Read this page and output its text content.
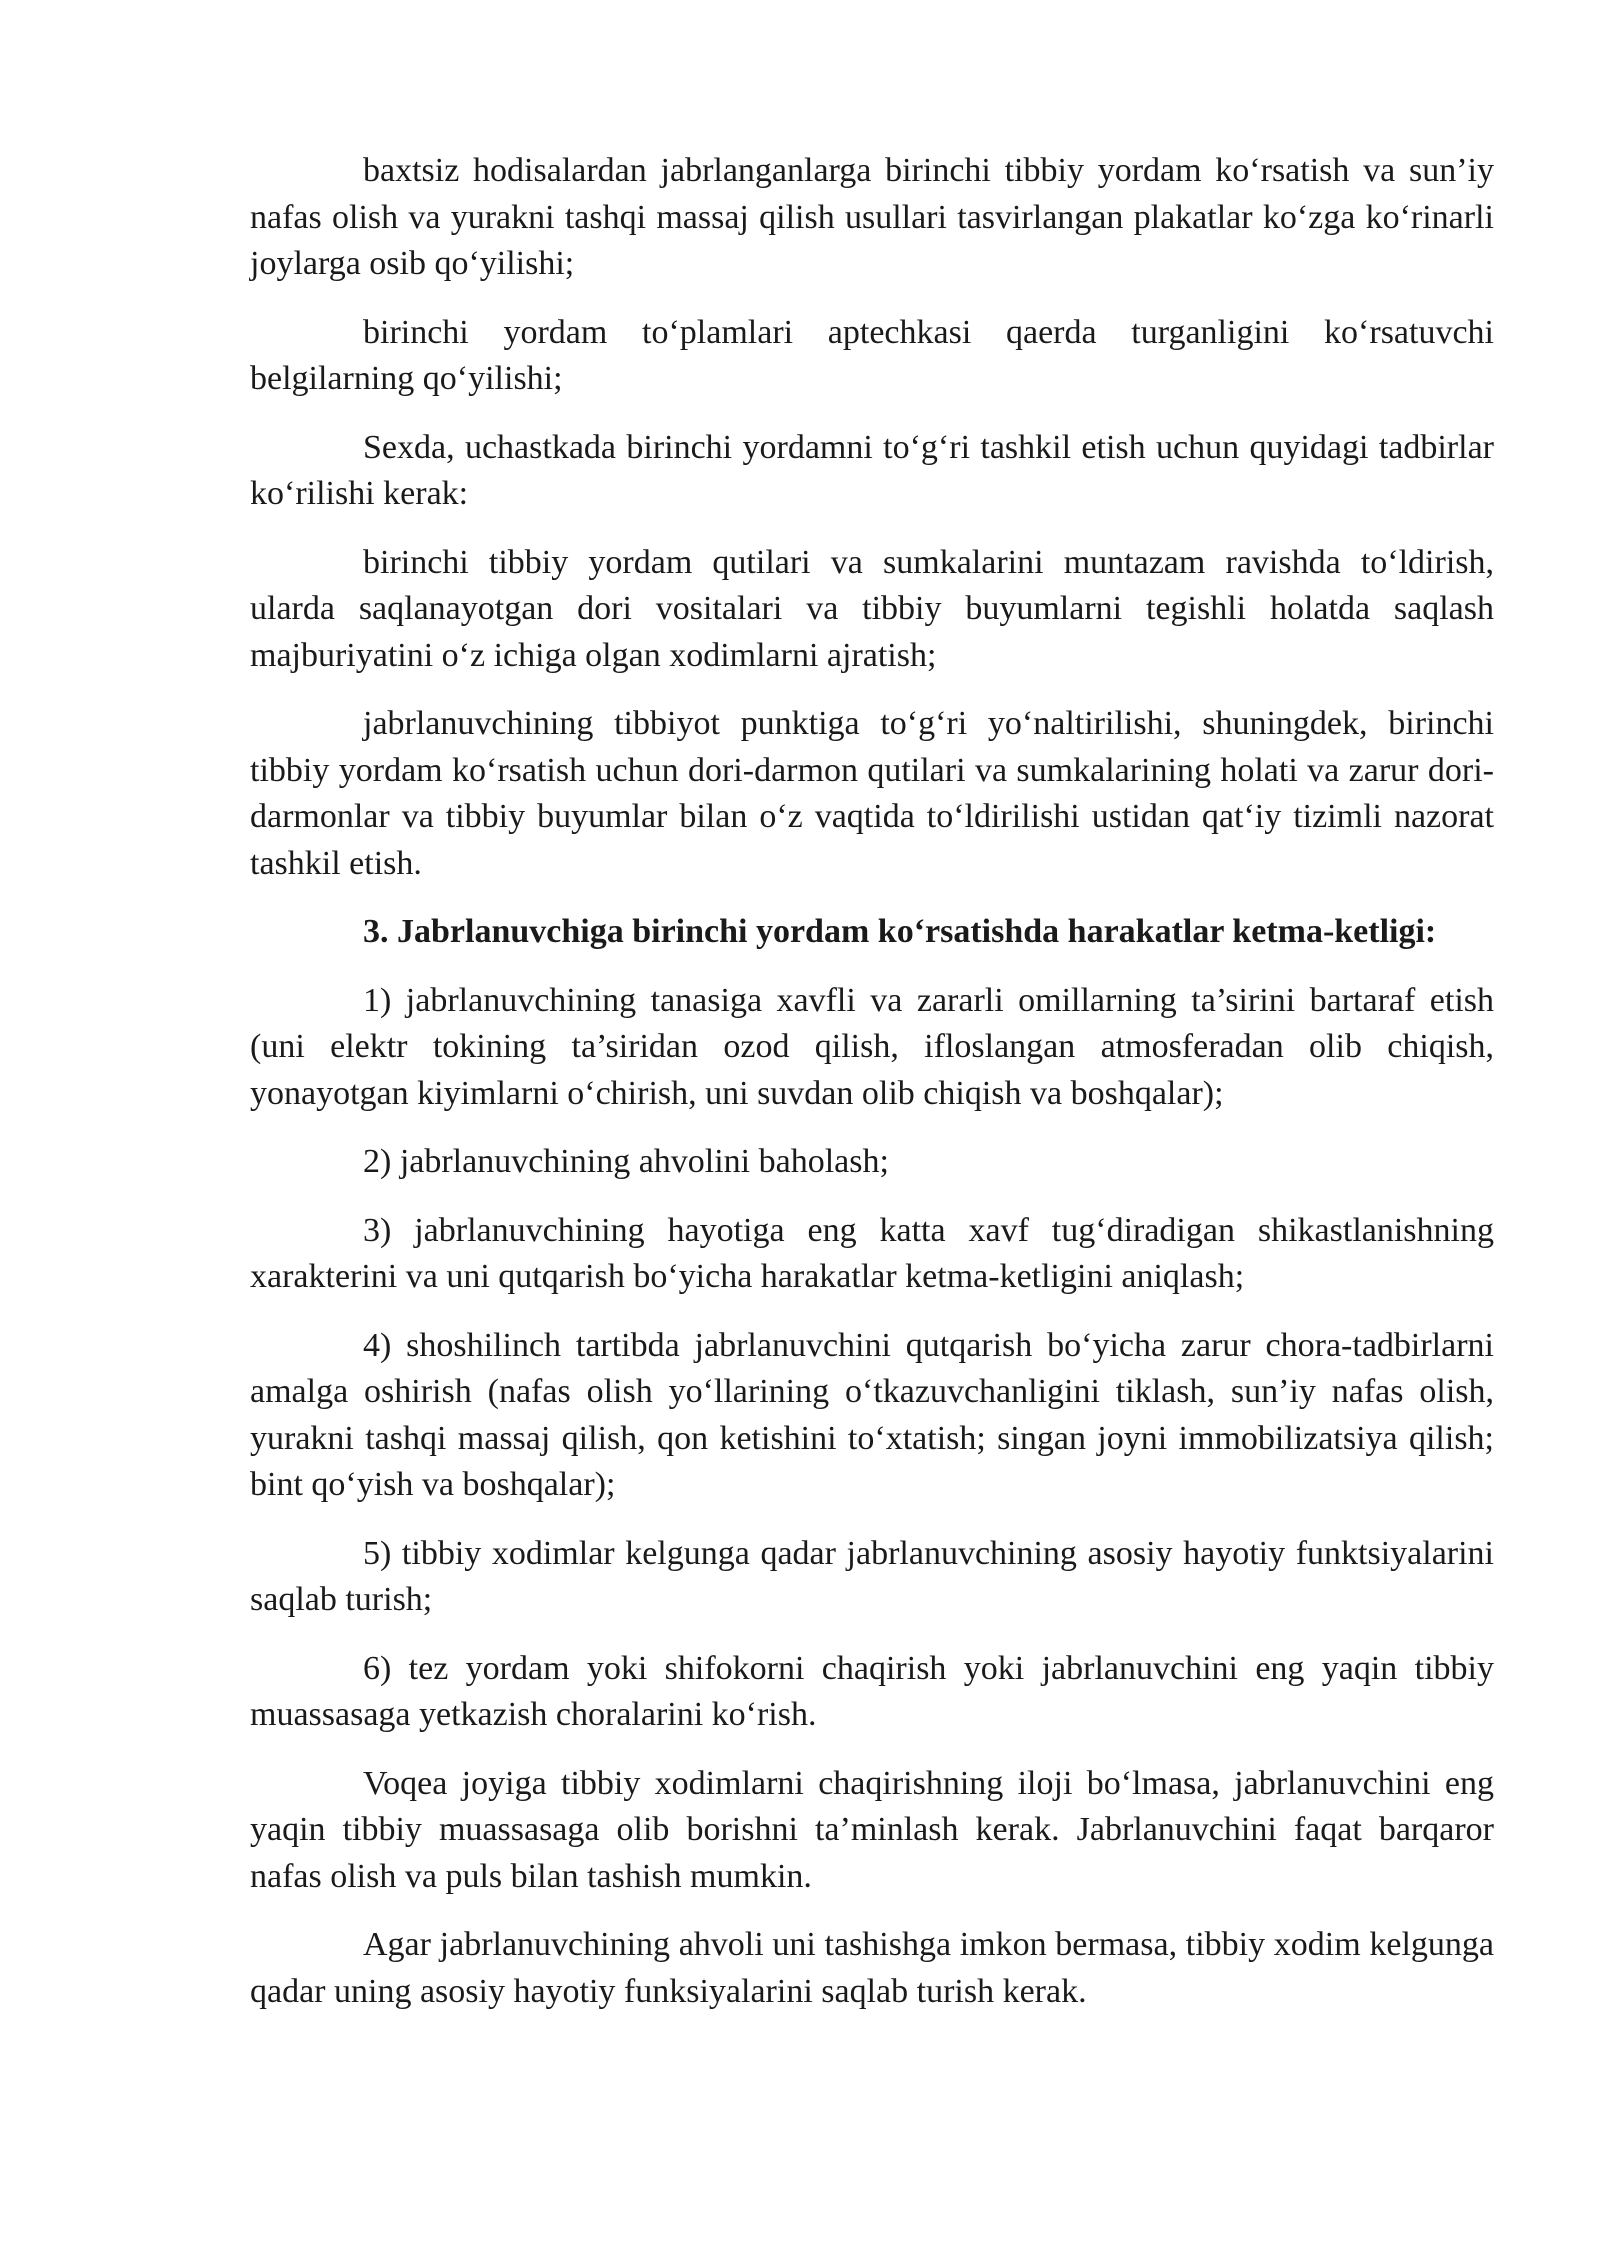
baxtsiz hodisalardan jabrlanganlarga birinchi tibbiy yordam ko‘rsatish va sun’iy nafas olish va yurakni tashqi massaj qilish usullari tasvirlangan plakatlar ko‘zga ko‘rinarli joylarga osib qo‘yilishi;

birinchi yordam to‘plamlari aptechkasi qaerda turganligini ko‘rsatuvchi belgilarning qo‘yilishi;

Sexda, uchastkada birinchi yordamni to‘g‘ri tashkil etish uchun quyidagi tadbirlar ko‘rilishi kerak:

birinchi tibbiy yordam qutilari va sumkalarini muntazam ravishda to‘ldirish, ularda saqlanayotgan dori vositalari va tibbiy buyumlarni tegishli holatda saqlash majburiyatini o‘z ichiga olgan xodimlarni ajratish;

jabrlanuvchining tibbiyot punktiga to‘g‘ri yo‘naltirilishi, shuningdek, birinchi tibbiy yordam ko‘rsatish uchun dori-darmon qutilari va sumkalarining holati va zarur dori-darmonlar va tibbiy buyumlar bilan o‘z vaqtida to‘ldirilishi ustidan qat‘iy tizimli nazorat tashkil etish.

3. Jabrlanuvchiga birinchi yordam ko‘rsatishda harakatlar ketma-ketligi:

1) jabrlanuvchining tanasiga xavfli va zararli omillarning ta’sirini bartaraf etish (uni elektr tokining ta’siridan ozod qilish, ifloslangan atmosferadan olib chiqish, yonayotgan kiyimlarni o‘chirish, uni suvdan olib chiqish va boshqalar);

2) jabrlanuvchining ahvolini baholash;

3) jabrlanuvchining hayotiga eng katta xavf tug‘diradigan shikastlanishning xarakterini va uni qutqarish bo‘yicha harakatlar ketma-ketligini aniqlash;

4) shoshilinch tartibda jabrlanuvchini qutqarish bo‘yicha zarur chora-tadbirlarni amalga oshirish (nafas olish yo‘llarining o‘tkazuvchanligini tiklash, sun’iy nafas olish, yurakni tashqi massaj qilish, qon ketishini to‘xtatish; singan joyni immobilizatsiya qilish; bint qo‘yish va boshqalar);

5) tibbiy xodimlar kelgunga qadar jabrlanuvchining asosiy hayotiy funktsiyalarini saqlab turish;

6) tez yordam yoki shifokorni chaqirish yoki jabrlanuvchini eng yaqin tibbiy muassasaga yetkazish choralarini ko‘rish.

Voqea joyiga tibbiy xodimlarni chaqirishning iloji bo‘lmasa, jabrlanuvchini eng yaqin tibbiy muassasaga olib borishni ta’minlash kerak. Jabrlanuvchini faqat barqaror nafas olish va puls bilan tashish mumkin.

Agar jabrlanuvchining ahvoli uni tashishga imkon bermasa, tibbiy xodim kelgunga qadar uning asosiy hayotiy funksiyalarini saqlab turish kerak.
